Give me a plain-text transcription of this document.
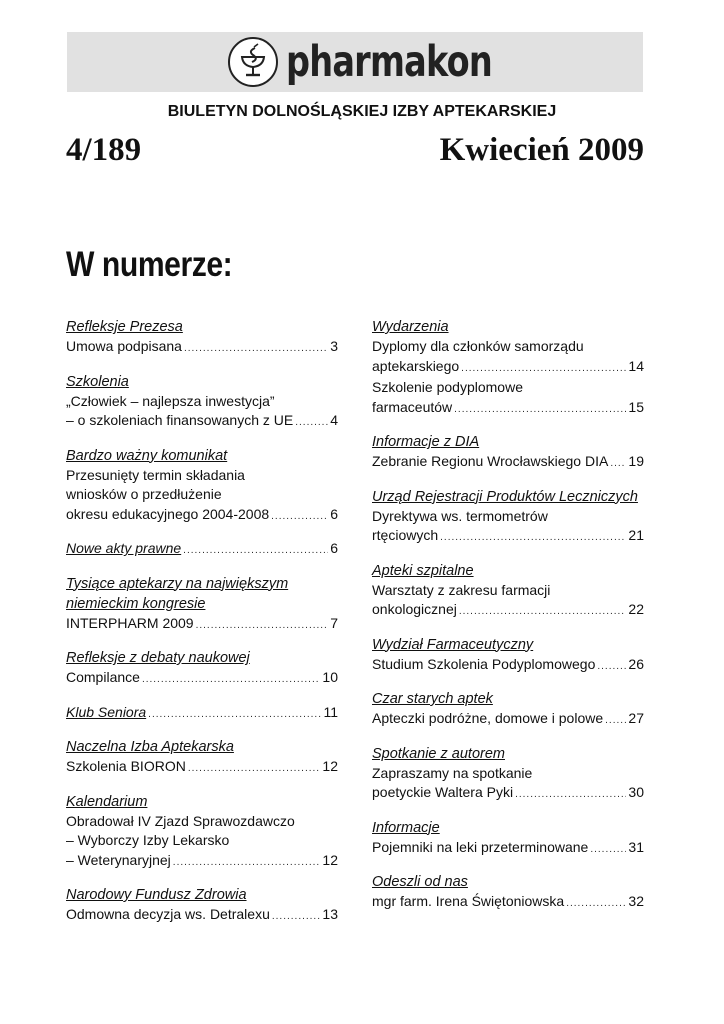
pharmakon
BIULETYN DOLNOŚLĄSKIEJ IZBY APTEKARSKIEJ
4/189	Kwiecień 2009
W numerze:
Refleksje Prezesa
Umowa podpisana .....	3
Szkolenia
„Człowiek – najlepsza inwestycja”
– o szkoleniach finansowanych z UE .....	4
Bardzo ważny komunikat
Przesunięty termin składania
wniosków o przedłużenie
okresu edukacyjnego 2004-2008 .....	6
Nowe akty prawne .....	6
Tysiące aptekarzy na największym
niemieckim kongresie
INTERPHARM 2009 .....	7
Refleksje z debaty naukowej
Compilance .....	10
Klub Seniora .....	11
Naczelna Izba Aptekarska
Szkolenia BIORON .....	12
Kalendarium
Obradował IV Zjazd Sprawozdawczo
– Wyborczy Izby Lekarsko
– Weterynaryjnej .....	12
Narodowy Fundusz Zdrowia
Odmowna decyzja ws. Detralexu .....	13
Wydarzenia
Dyplomy dla członków samorządu
aptekarskiego .....	14
Szkolenie podyplomowe
farmaceutów .....	15
Informacje z DIA
Zebranie Regionu Wrocławskiego DIA ..... 19
Urząd Rejestracji Produktów Leczniczych
Dyrektywa ws. termometrów
rtęciowych .....	21
Apteki szpitalne
Warsztaty z zakresu farmacji
onkologicznej .....	22
Wydział Farmaceutyczny
Studium Szkolenia Podyplomowego ..... 26
Czar starych aptek
Apteczki podróżne, domowe i polowe ..... 27
Spotkanie z autorem
Zapraszamy na spotkanie
poetyckie Waltera Pyki .....	30
Informacje
Pojemniki na leki przeterminowane .....	31
Odeszli od nas
mgr farm. Irena Świętoniowska .....	32
